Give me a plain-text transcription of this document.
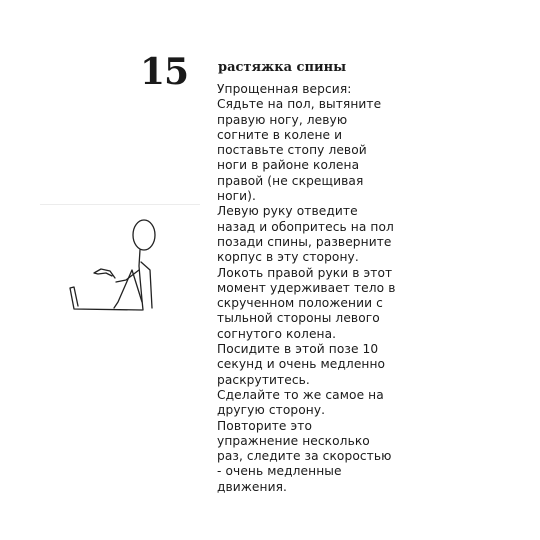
15 растяжка спины
Упрощенная версия:
Сядьте на пол, вытяните
правую ногу, левую
согните в колене и
поставьте стопу левой
ноги в районе колена
правой (не скрещивая
ноги).
Левую руку отведите
назад и обопритесь на пол
позади спины, разверните
корпус в эту сторону.
Локоть правой руки в этот
момент удерживает тело в
скрученном положении с
тыльной стороны левого
согнутого колена.
Посидите в этой позе 10
секунд и очень медленно
раскрутитесь.
Сделайте то же самое на
другую сторону.
Повторите это
упражнение несколько
раз, следите за скоростью
- очень медленные
движения.
